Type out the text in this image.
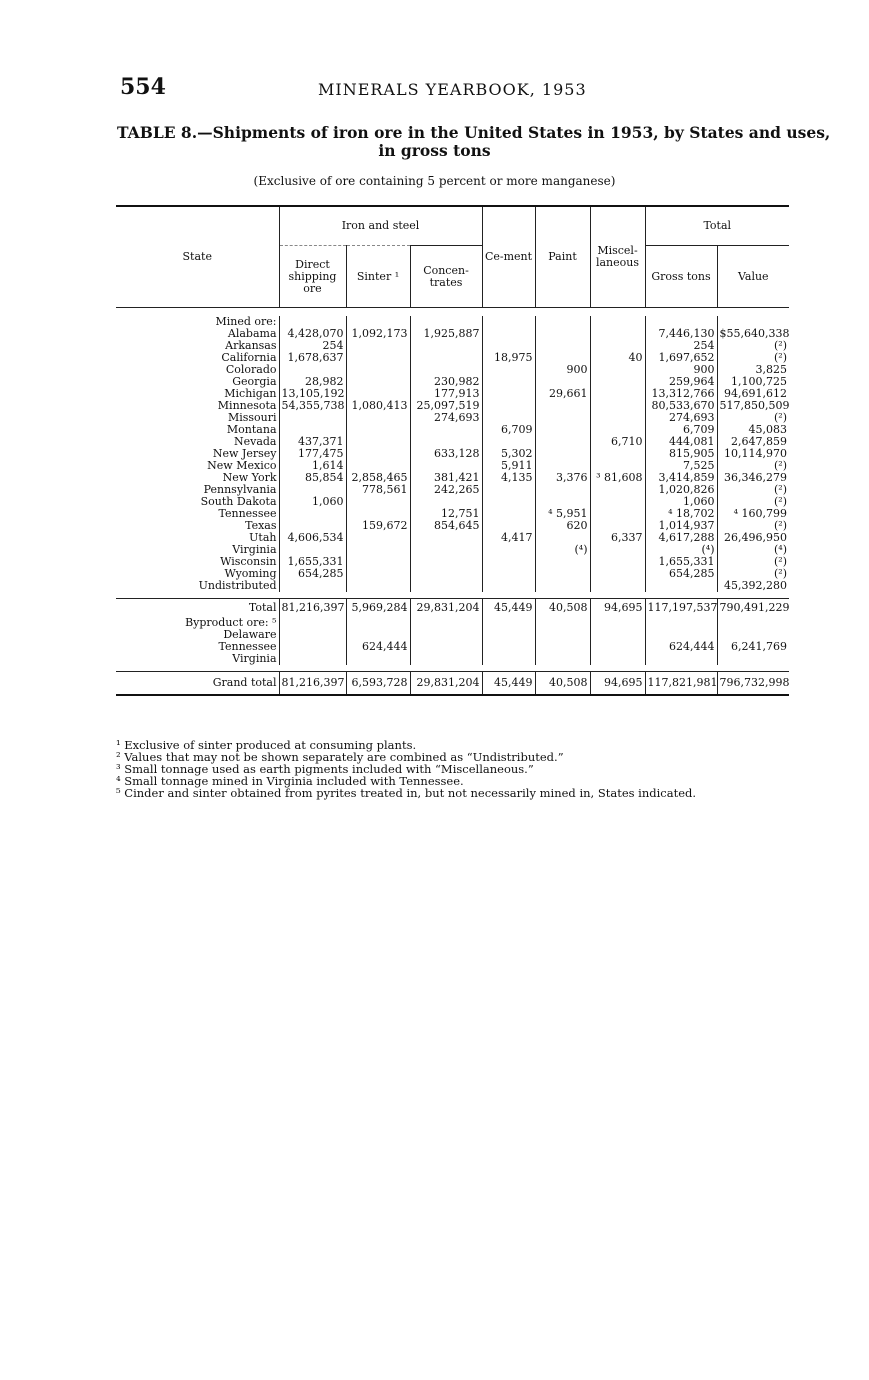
554	MINERALS YEARBOOK, 1953
TABLE 8.—Shipments of iron ore in the United States in 1953, by States and uses,
in gross tons
(Exclusive of ore containing 5 percent or more manganese)
State	Iron and steel			Ce-ment	Paint	Miscel-laneous	Total	
	Direct shipping ore	Sinter ¹	Concen-trates				Gross tons	Value

Mined ore:								
Alabama	4,428,070	1,092,173	1,925,887				7,446,130	$55,640,338
Arkansas	254						254	(²)
California	1,678,637			18,975		40	1,697,652	(²)
Colorado					900		900	3,825
Georgia	28,982		230,982				259,964	1,100,725
Michigan	13,105,192		177,913		29,661		13,312,766	94,691,612
Minnesota	54,355,738	1,080,413	25,097,519				80,533,670	517,850,509
Missouri			274,693				274,693	(²)
Montana				6,709			6,709	45,083
Nevada	437,371					6,710	444,081	2,647,859
New Jersey	177,475		633,128	5,302			815,905	10,114,970
New Mexico	1,614			5,911			7,525	(²)
New York	85,854	2,858,465	381,421	4,135	3,376	³ 81,608	3,414,859	36,346,279
Pennsylvania		778,561	242,265				1,020,826	(²)
South Dakota	1,060						1,060	(²)
Tennessee			12,751		⁴ 5,951		⁴ 18,702	⁴ 160,799
Texas		159,672	854,645		620		1,014,937	(²)
Utah	4,606,534			4,417		6,337	4,617,288	26,496,950
Virginia					(⁴)		(⁴)	(⁴)
Wisconsin	1,655,331						1,655,331	(²)
Wyoming	654,285						654,285	(²)
Undistributed								45,392,280

Total	81,216,397	5,969,284	29,831,204	45,449	40,508	94,695	117,197,537	790,491,229
Byproduct ore: ⁵								
Delaware								
Tennessee		624,444					624,444	6,241,769
Virginia								

Grand total	81,216,397	6,593,728	29,831,204	45,449	40,508	94,695	117,821,981	796,732,998
¹ Exclusive of sinter produced at consuming plants.
² Values that may not be shown separately are combined as “Undistributed.”
³ Small tonnage used as earth pigments included with “Miscellaneous.”
⁴ Small tonnage mined in Virginia included with Tennessee.
⁵ Cinder and sinter obtained from pyrites treated in, but not necessarily mined in, States indicated.
